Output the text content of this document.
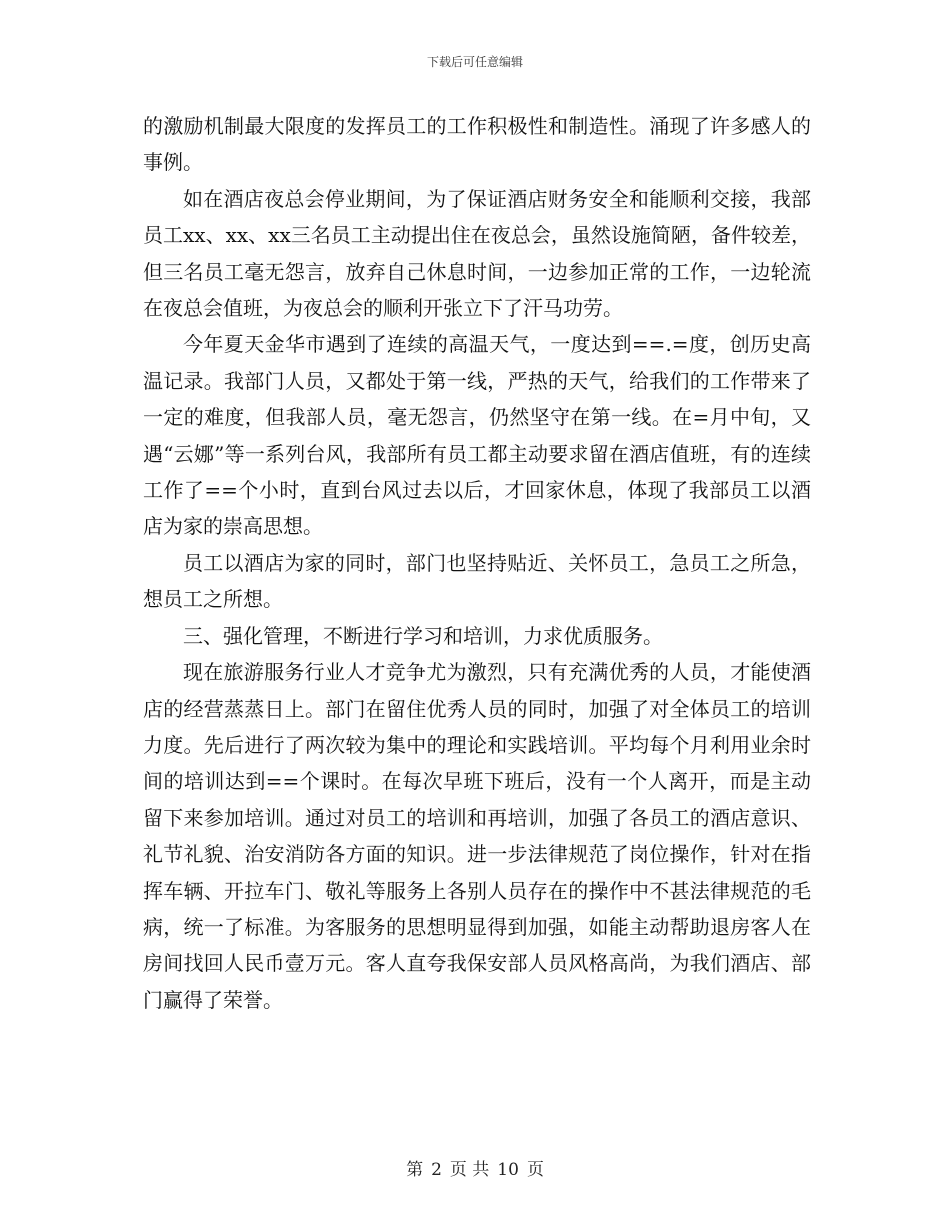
下载后可任意编辑

的激励机制最大限度的发挥员工的工作积极性和制造性。涌现了许多感人的事例。

如在酒店夜总会停业期间，为了保证酒店财务安全和能顺利交接，我部员工xx、xx、xx三名员工主动提出住在夜总会，虽然设施简陋，备件较差，但三名员工毫无怨言，放弃自己休息时间，一边参加正常的工作，一边轮流在夜总会值班，为夜总会的顺利开张立下了汗马功劳。

今年夏天金华市遇到了连续的高温天气，一度达到==.=度，创历史高温记录。我部门人员，又都处于第一线，严热的天气，给我们的工作带来了一定的难度，但我部人员，毫无怨言，仍然坚守在第一线。在=月中旬，又遇“云娜”等一系列台风，我部所有员工都主动要求留在酒店值班，有的连续工作了==个小时，直到台风过去以后，才回家休息，体现了我部员工以酒店为家的崇高思想。

员工以酒店为家的同时，部门也坚持贴近、关怀员工，急员工之所急，想员工之所想。

三、强化管理，不断进行学习和培训，力求优质服务。

现在旅游服务行业人才竞争尤为激烈，只有充满优秀的人员，才能使酒店的经营蒸蒸日上。部门在留住优秀人员的同时，加强了对全体员工的培训力度。先后进行了两次较为集中的理论和实践培训。平均每个月利用业余时间的培训达到==个课时。在每次早班下班后，没有一个人离开，而是主动留下来参加培训。通过对员工的培训和再培训，加强了各员工的酒店意识、礼节礼貌、治安消防各方面的知识。进一步法律规范了岗位操作，针对在指挥车辆、开拉车门、敬礼等服务上各别人员存在的操作中不甚法律规范的毛病，统一了标准。为客服务的思想明显得到加强，如能主动帮助退房客人在房间找回人民币壹万元。客人直夸我保安部人员风格高尚，为我们酒店、部门赢得了荣誉。

第 2 页 共 10 页
